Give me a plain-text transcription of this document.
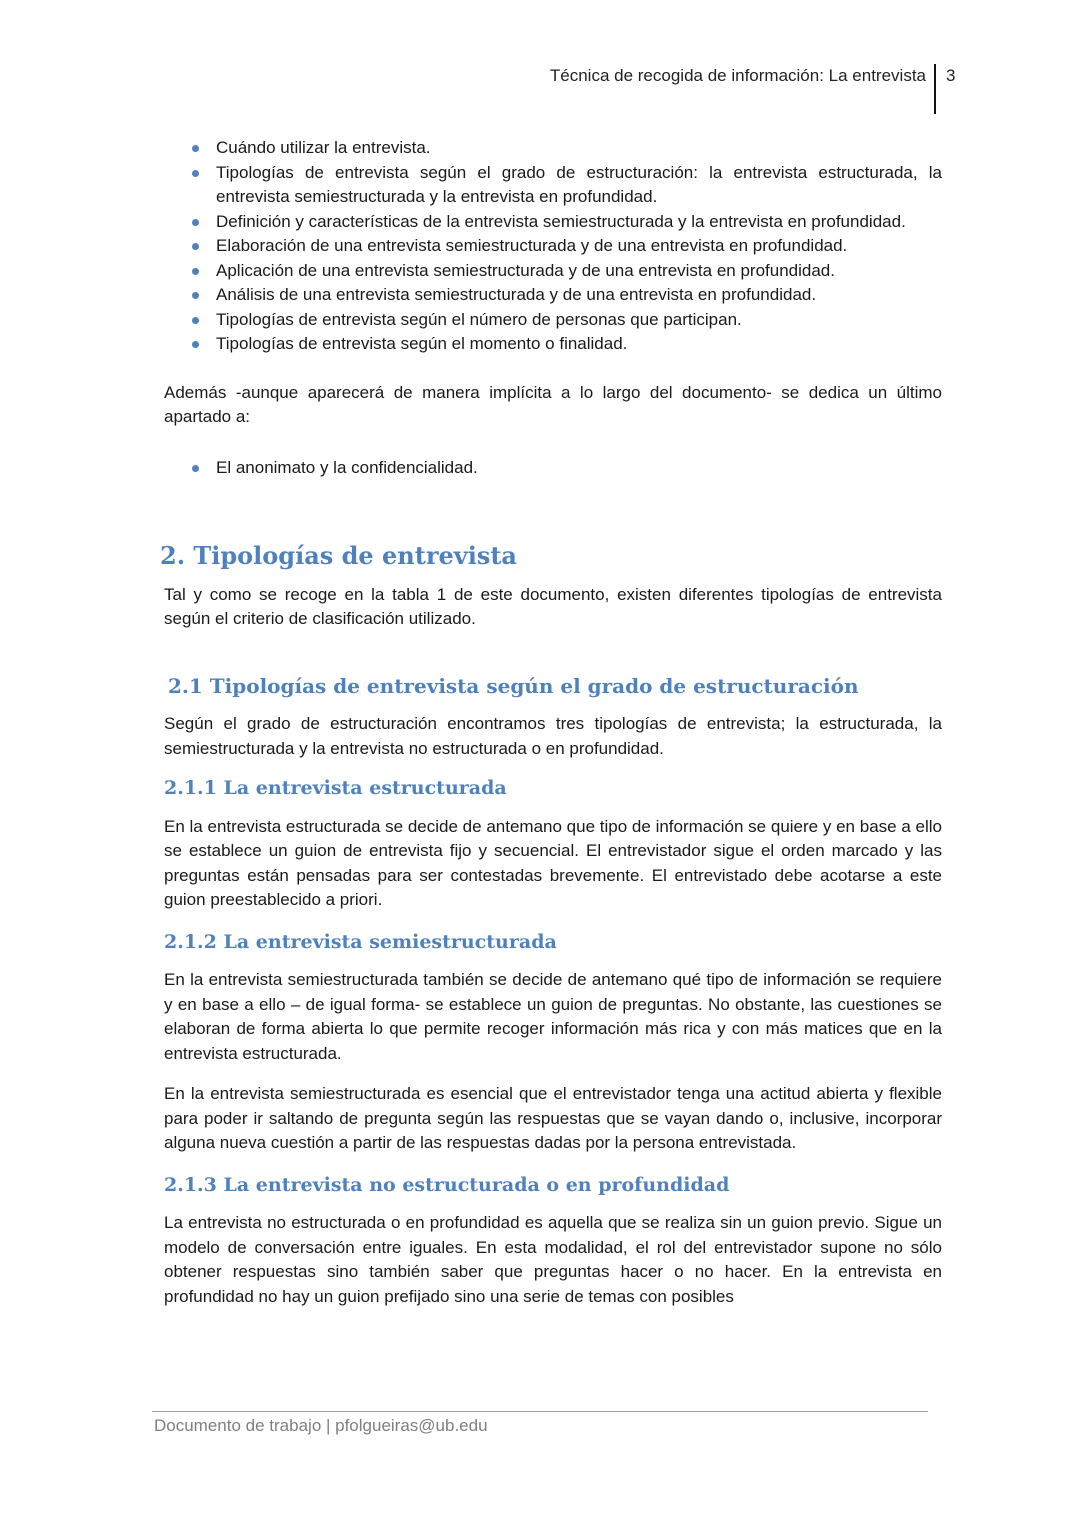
Técnica de recogida de información: La entrevista 3
Cuándo utilizar la entrevista.
Tipologías de entrevista según el grado de estructuración: la entrevista estructurada, la entrevista semiestructurada y la entrevista en profundidad.
Definición y características de la entrevista semiestructurada y la entrevista en profundidad.
Elaboración de una entrevista semiestructurada y de una entrevista en profundidad.
Aplicación de una entrevista semiestructurada y de una entrevista en profundidad.
Análisis de una entrevista semiestructurada y de una entrevista en profundidad.
Tipologías de entrevista según el número de personas que participan.
Tipologías de entrevista según el momento o finalidad.

Además -aunque aparecerá de manera implícita a lo largo del documento- se dedica un último apartado a:

El anonimato y la confidencialidad.
2. Tipologías de entrevista

Tal y como se recoge en la tabla 1 de este documento, existen diferentes tipologías de entrevista según el criterio de clasificación utilizado.

2.1 Tipologías de entrevista según el grado de estructuración

Según el grado de estructuración encontramos tres tipologías de entrevista; la estructurada, la semiestructurada y la entrevista no estructurada o en profundidad.

2.1.1 La entrevista estructurada

En la entrevista estructurada se decide de antemano que tipo de información se quiere y en base a ello se establece un guion de entrevista fijo y secuencial. El entrevistador sigue el orden marcado y las preguntas están pensadas para ser contestadas brevemente. El entrevistado debe acotarse a este guion preestablecido a priori.

2.1.2 La entrevista semiestructurada

En la entrevista semiestructurada también se decide de antemano qué tipo de información se requiere y en base a ello – de igual forma- se establece un guion de preguntas. No obstante, las cuestiones se elaboran de forma abierta lo que permite recoger información más rica y con más matices que en la entrevista estructurada.

En la entrevista semiestructurada es esencial que el entrevistador tenga una actitud abierta y flexible para poder ir saltando de pregunta según las respuestas que se vayan dando o, inclusive, incorporar alguna nueva cuestión a partir de las respuestas dadas por la persona entrevistada.

2.1.3 La entrevista no estructurada o en profundidad

La entrevista no estructurada o en profundidad es aquella que se realiza sin un guion previo. Sigue un modelo de conversación entre iguales. En esta modalidad, el rol del entrevistador supone no sólo obtener respuestas sino también saber que preguntas hacer o no hacer. En la entrevista en profundidad no hay un guion prefijado sino una serie de temas con posibles

Documento de trabajo | pfolgueiras@ub.edu
